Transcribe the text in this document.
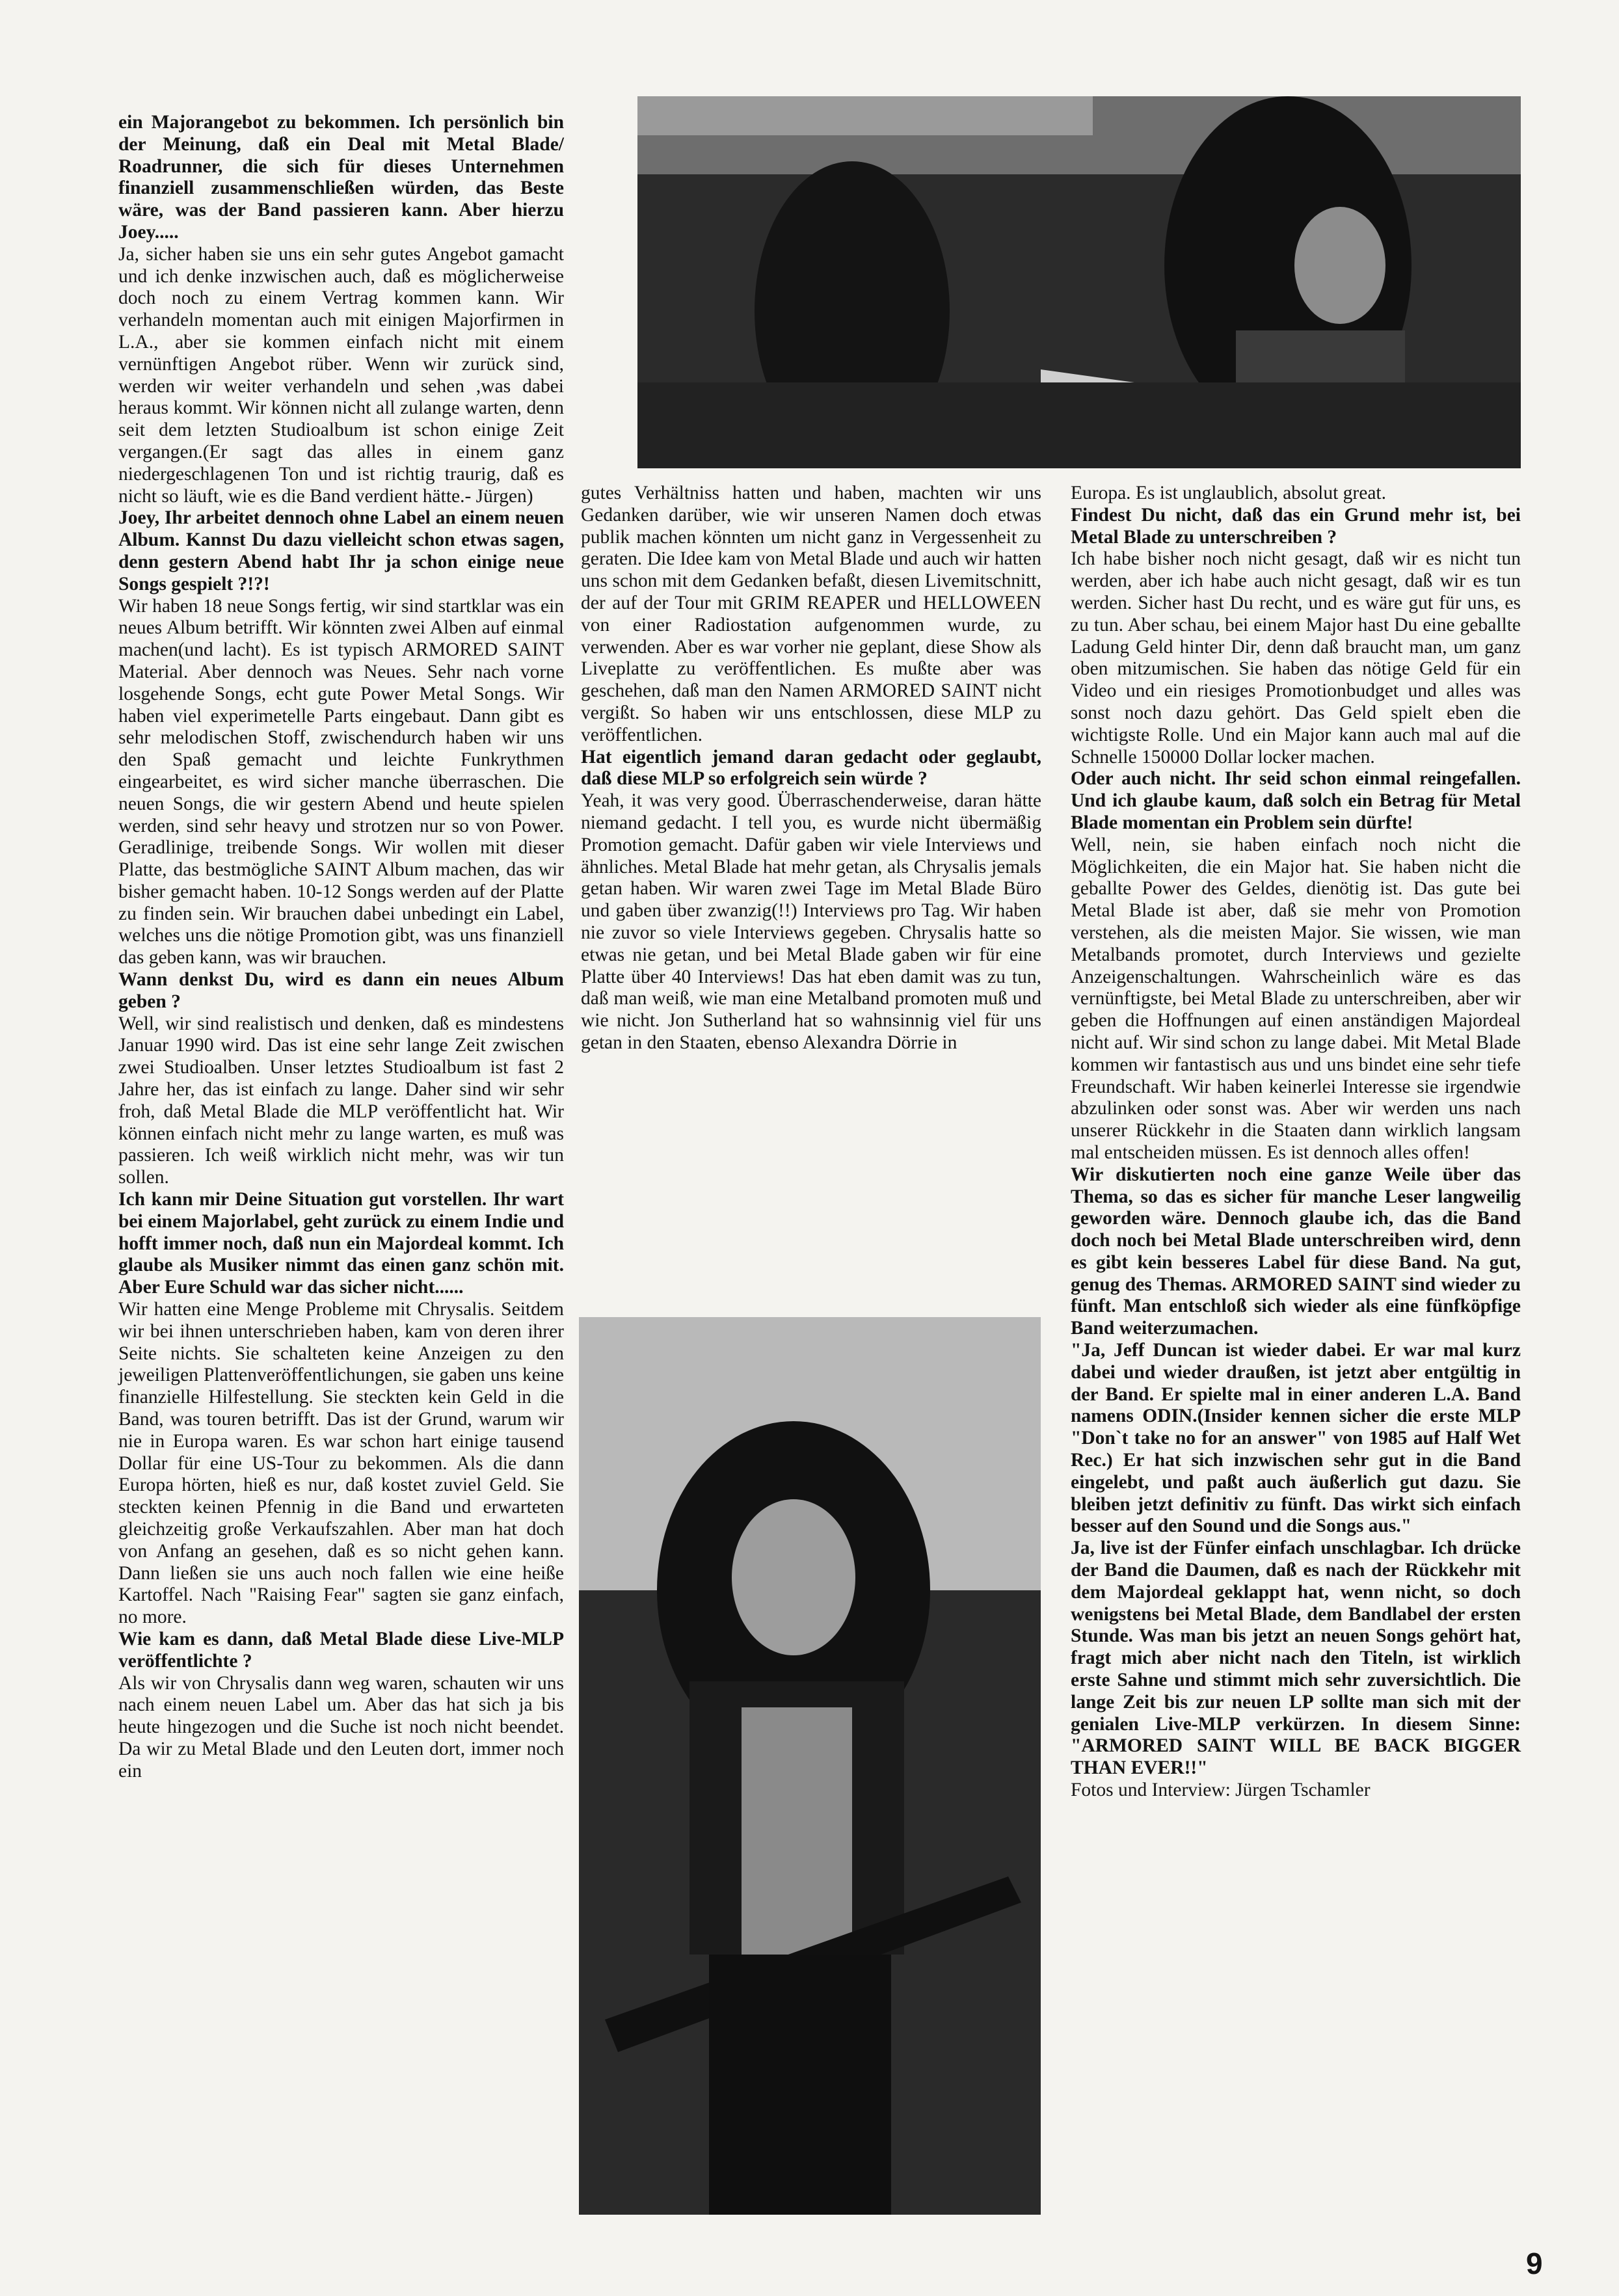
ein Majorangebot zu bekommen. Ich persönlich bin der Meinung, daß ein Deal mit Metal Blade/ Roadrunner, die sich für dieses Unternehmen finanziell zusammenschließen würden, das Beste wäre, was der Band passieren kann. Aber hierzu Joey.....

Ja, sicher haben sie uns ein sehr gutes Angebot gamacht und ich denke inzwischen auch, daß es möglicherweise doch noch zu einem Vertrag kommen kann. Wir verhandeln momentan auch mit einigen Majorfirmen in L.A., aber sie kommen einfach nicht mit einem vernünftigen Angebot rüber. Wenn wir zurück sind, werden wir weiter verhandeln und sehen ,was dabei heraus kommt. Wir können nicht all zulange warten, denn seit dem letzten Studioalbum ist schon einige Zeit vergangen.(Er sagt das alles in einem ganz niedergeschlagenen Ton und ist richtig traurig, daß es nicht so läuft, wie es die Band verdient hätte.- Jürgen)

Joey, Ihr arbeitet dennoch ohne Label an einem neuen Album. Kannst Du dazu vielleicht schon etwas sagen, denn gestern Abend habt Ihr ja schon einige neue Songs gespielt ?!?!

Wir haben 18 neue Songs fertig, wir sind startklar was ein neues Album betrifft. Wir könnten zwei Alben auf einmal machen(und lacht). Es ist typisch ARMORED SAINT Material. Aber dennoch was Neues. Sehr nach vorne losgehende Songs, echt gute Power Metal Songs. Wir haben viel experimetelle Parts eingebaut. Dann gibt es sehr melodischen Stoff, zwischendurch haben wir uns den Spaß gemacht und leichte Funkrythmen eingearbeitet, es wird sicher manche überraschen. Die neuen Songs, die wir gestern Abend und heute spielen werden, sind sehr heavy und strotzen nur so von Power. Geradlinige, treibende Songs. Wir wollen mit dieser Platte, das bestmögliche SAINT Album machen, das wir bisher gemacht haben. 10-12 Songs werden auf der Platte zu finden sein. Wir brauchen dabei unbedingt ein Label, welches uns die nötige Promotion gibt, was uns finanziell das geben kann, was wir brauchen.

Wann denkst Du, wird es dann ein neues Album geben ?

Well, wir sind realistisch und denken, daß es mindestens Januar 1990 wird. Das ist eine sehr lange Zeit zwischen zwei Studioalben. Unser letztes Studioalbum ist fast 2 Jahre her, das ist einfach zu lange. Daher sind wir sehr froh, daß Metal Blade die MLP veröffentlicht hat. Wir können einfach nicht mehr zu lange warten, es muß was passieren. Ich weiß wirklich nicht mehr, was wir tun sollen.

Ich kann mir Deine Situation gut vorstellen. Ihr wart bei einem Majorlabel, geht zurück zu einem Indie und hofft immer noch, daß nun ein Majordeal kommt. Ich glaube als Musiker nimmt das einen ganz schön mit. Aber Eure Schuld war das sicher nicht......

Wir hatten eine Menge Probleme mit Chrysalis. Seitdem wir bei ihnen unterschrieben haben, kam von deren ihrer Seite nichts. Sie schalteten keine Anzeigen zu den jeweiligen Plattenveröffentlichungen, sie gaben uns keine finanzielle Hilfestellung. Sie steckten kein Geld in die Band, was touren betrifft. Das ist der Grund, warum wir nie in Europa waren. Es war schon hart einige tausend Dollar für eine US-Tour zu bekommen. Als die dann Europa hörten, hieß es nur, daß kostet zuviel Geld. Sie steckten keinen Pfennig in die Band und erwarteten gleichzeitig große Verkaufszahlen. Aber man hat doch von Anfang an gesehen, daß es so nicht gehen kann. Dann ließen sie uns auch noch fallen wie eine heiße Kartoffel. Nach "Raising Fear" sagten sie ganz einfach, no more.

Wie kam es dann, daß Metal Blade diese Live-MLP veröffentlichte ?

Als wir von Chrysalis dann weg waren, schauten wir uns nach einem neuen Label um. Aber das hat sich ja bis heute hingezogen und die Suche ist noch nicht beendet. Da wir zu Metal Blade und den Leuten dort, immer noch ein

gutes Verhältniss hatten und haben, machten wir uns Gedanken darüber, wie wir unseren Namen doch etwas publik machen könnten um nicht ganz in Vergessenheit zu geraten. Die Idee kam von Metal Blade und auch wir hatten uns schon mit dem Gedanken befaßt, diesen Livemitschnitt, der auf der Tour mit GRIM REAPER und HELLOWEEN von einer Radiostation aufgenommen wurde, zu verwenden. Aber es war vorher nie geplant, diese Show als Liveplatte zu veröffentlichen. Es mußte aber was geschehen, daß man den Namen ARMORED SAINT nicht vergißt. So haben wir uns entschlossen, diese MLP zu veröffentlichen.

Hat eigentlich jemand daran gedacht oder geglaubt, daß diese MLP so erfolgreich sein würde ?

Yeah, it was very good. Überraschenderweise, daran hätte niemand gedacht. I tell you, es wurde nicht übermäßig Promotion gemacht. Dafür gaben wir viele Interviews und ähnliches. Metal Blade hat mehr getan, als Chrysalis jemals getan haben. Wir waren zwei Tage im Metal Blade Büro und gaben über zwanzig(!!) Interviews pro Tag. Wir haben nie zuvor so viele Interviews gegeben. Chrysalis hatte so etwas nie getan, und bei Metal Blade gaben wir für eine Platte über 40 Interviews! Das hat eben damit was zu tun, daß man weiß, wie man eine Metalband promoten muß und wie nicht. Jon Sutherland hat so wahnsinnig viel für uns getan in den Staaten, ebenso Alexandra Dörrie in

Europa. Es ist unglaublich, absolut great.

Findest Du nicht, daß das ein Grund mehr ist, bei Metal Blade zu unterschreiben ?

Ich habe bisher noch nicht gesagt, daß wir es nicht tun werden, aber ich habe auch nicht gesagt, daß wir es tun werden. Sicher hast Du recht, und es wäre gut für uns, es zu tun. Aber schau, bei einem Major hast Du eine geballte Ladung Geld hinter Dir, denn daß braucht man, um ganz oben mitzumischen. Sie haben das nötige Geld für ein Video und ein riesiges Promotionbudget und alles was sonst noch dazu gehört. Das Geld spielt eben die wichtigste Rolle. Und ein Major kann auch mal auf die Schnelle 150000 Dollar locker machen.

Oder auch nicht. Ihr seid schon einmal reingefallen. Und ich glaube kaum, daß solch ein Betrag für Metal Blade momentan ein Problem sein dürfte!

Well, nein, sie haben einfach noch nicht die Möglichkeiten, die ein Major hat. Sie haben nicht die geballte Power des Geldes, dienötig ist. Das gute bei Metal Blade ist aber, daß sie mehr von Promotion verstehen, als die meisten Major. Sie wissen, wie man Metalbands promotet, durch Interviews und gezielte Anzeigenschaltungen. Wahrscheinlich wäre es das vernünftigste, bei Metal Blade zu unterschreiben, aber wir geben die Hoffnungen auf einen anständigen Majordeal nicht auf. Wir sind schon zu lange dabei. Mit Metal Blade kommen wir fantastisch aus und uns bindet eine sehr tiefe Freundschaft. Wir haben keinerlei Interesse sie irgendwie abzulinken oder sonst was. Aber wir werden uns nach unserer Rückkehr in die Staaten dann wirklich langsam mal entscheiden müssen. Es ist dennoch alles offen!

Wir diskutierten noch eine ganze Weile über das Thema, so das es sicher für manche Leser langweilig geworden wäre. Dennoch glaube ich, das die Band doch noch bei Metal Blade unterschreiben wird, denn es gibt kein besseres Label für diese Band. Na gut, genug des Themas. ARMORED SAINT sind wieder zu fünft. Man entschloß sich wieder als eine fünfköpfige Band weiterzumachen.

"Ja, Jeff Duncan ist wieder dabei. Er war mal kurz dabei und wieder draußen, ist jetzt aber entgültig in der Band. Er spielte mal in einer anderen L.A. Band namens ODIN.(Insider kennen sicher die erste MLP "Don`t take no for an answer" von 1985 auf Half Wet Rec.) Er hat sich inzwischen sehr gut in die Band eingelebt, und paßt auch äußerlich gut dazu. Sie bleiben jetzt definitiv zu fünft. Das wirkt sich einfach besser auf den Sound und die Songs aus."

Ja, live ist der Fünfer einfach unschlagbar. Ich drücke der Band die Daumen, daß es nach der Rückkehr mit dem Majordeal geklappt hat, wenn nicht, so doch wenigstens bei Metal Blade, dem Bandlabel der ersten Stunde. Was man bis jetzt an neuen Songs gehört hat, fragt mich aber nicht nach den Titeln, ist wirklich erste Sahne und stimmt mich sehr zuversichtlich. Die lange Zeit bis zur neuen LP sollte man sich mit der genialen Live-MLP verkürzen. In diesem Sinne: "ARMORED SAINT WILL BE BACK BIGGER THAN EVER!!"

Fotos und Interview: Jürgen Tschamler

9
